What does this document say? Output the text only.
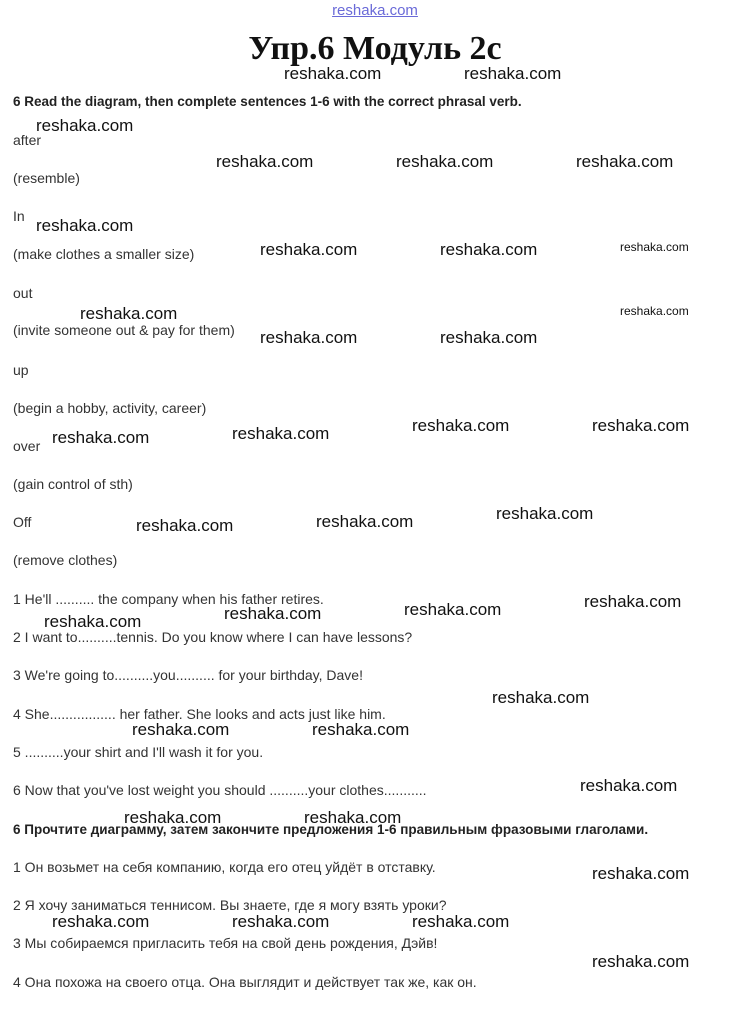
reshaka.com
Упр.6 Модуль 2с
6 Read the diagram, then complete sentences 1-6 with the correct phrasal verb.
after
(resemble)
In
(make clothes a smaller size)
out
(invite someone out & pay for them)
up
(begin a hobby, activity, career)
over
(gain control of sth)
Off
(remove clothes)
1 He'll .......... the company when his father retires.
2 I want to..........tennis. Do you know where I can have lessons?
3 We're going to..........you.......... for your birthday, Dave!
4 She................. her father. She looks and acts just like him.
5 ..........your shirt and I'll wash it for you.
6 Now that you've lost weight you should ..........your clothes...........
6 Прочтите диаграмму, затем закончите предложения 1-6 правильным фразовыми глаголами.
1 Он возьмет на себя компанию, когда его отец уйдёт в отставку.
2 Я хочу заниматься теннисом. Вы знаете, где я могу взять уроки?
3 Мы собираемся пригласить тебя на свой день рождения, Дэйв!
4 Она похожа на своего отца. Она выглядит и действует так же, как он.
reshaka.com	reshaka.com
reshaka.com
reshaka.com	reshaka.com	reshaka.com
reshaka.com
reshaka.com	reshaka.com	reshaka.com
reshaka.com	reshaka.com
reshaka.com	reshaka.com
reshaka.com	reshaka.com
reshaka.com
reshaka.com
reshaka.com
reshaka.com
reshaka.com
reshaka.com
reshaka.com
reshaka.com
reshaka.com
reshaka.com
reshaka.com	reshaka.com
reshaka.com
reshaka.com	reshaka.com
reshaka.com
reshaka.com	reshaka.com	reshaka.com
reshaka.com
